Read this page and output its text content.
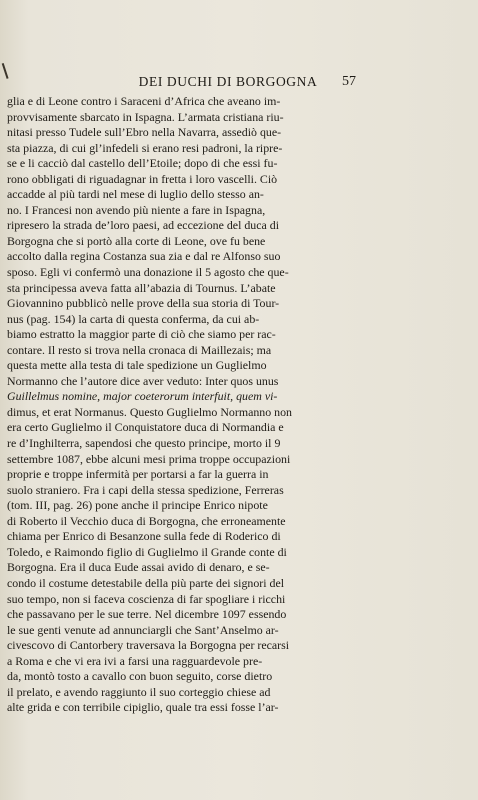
DEI DUCHI DI BORGOGNA	57
glia e di Leone contro i Saraceni d’Africa che aveano im-
provvisamente sbarcato in Ispagna. L’armata cristiana riu-
nitasi presso Tudele sull’Ebro nella Navarra, assediò que-
sta piazza, di cui gl’infedeli si erano resi padroni, la ripre-
se e li cacciò dal castello dell’Etoile; dopo di che essi fu-
rono obbligati di riguadagnar in fretta i loro vascelli. Ciò
accadde al più tardi nel mese di luglio dello stesso an-
no. I Francesi non avendo più niente a fare in Ispagna,
ripresero la strada de’loro paesi, ad eccezione del duca di
Borgogna che si portò alla corte di Leone, ove fu bene
accolto dalla regina Costanza sua zia e dal re Alfonso suo
sposo. Egli vi confermò una donazione il 5 agosto che que-
sta principessa aveva fatta all’abazia di Tournus. L’abate
Giovannino pubblicò nelle prove della sua storia di Tour-
nus (pag. 154) la carta di questa conferma, da cui ab-
biamo estratto la maggior parte di ciò che siamo per rac-
contare. Il resto si trova nella cronaca di Maillezais; ma
questa mette alla testa di tale spedizione un Guglielmo
Normanno che l’autore dice aver veduto: Inter quos unus
Guillelmus nomine, major coeterorum interfuit, quem vi-
dimus, et erat Normanus. Questo Guglielmo Normanno non
era certo Guglielmo il Conquistatore duca di Normandia e
re d’Inghilterra, sapendosi che questo principe, morto il 9
settembre 1087, ebbe alcuni mesi prima troppe occupazioni
proprie e troppe infermità per portarsi a far la guerra in
suolo straniero. Fra i capi della stessa spedizione, Ferreras
(tom. III, pag. 26) pone anche il principe Enrico nipote
di Roberto il Vecchio duca di Borgogna, che erroneamente
chiama per Enrico di Besanzone sulla fede di Roderico di
Toledo, e Raimondo figlio di Guglielmo il Grande conte di
Borgogna. Era il duca Eude assai avido di denaro, e se-
condo il costume detestabile della più parte dei signori del
suo tempo, non si faceva coscienza di far spogliare i ricchi
che passavano per le sue terre. Nel dicembre 1097 essendo
le sue genti venute ad annunciargli che Sant’Anselmo ar-
civescovo di Cantorbery traversava la Borgogna per recarsi
a Roma e che vi era ivi a farsi una ragguardevole pre-
da, montò tosto a cavallo con buon seguito, corse dietro
il prelato, e avendo raggiunto il suo corteggio chiese ad
alte grida e con terribile cipiglio, quale tra essi fosse l’ar-
